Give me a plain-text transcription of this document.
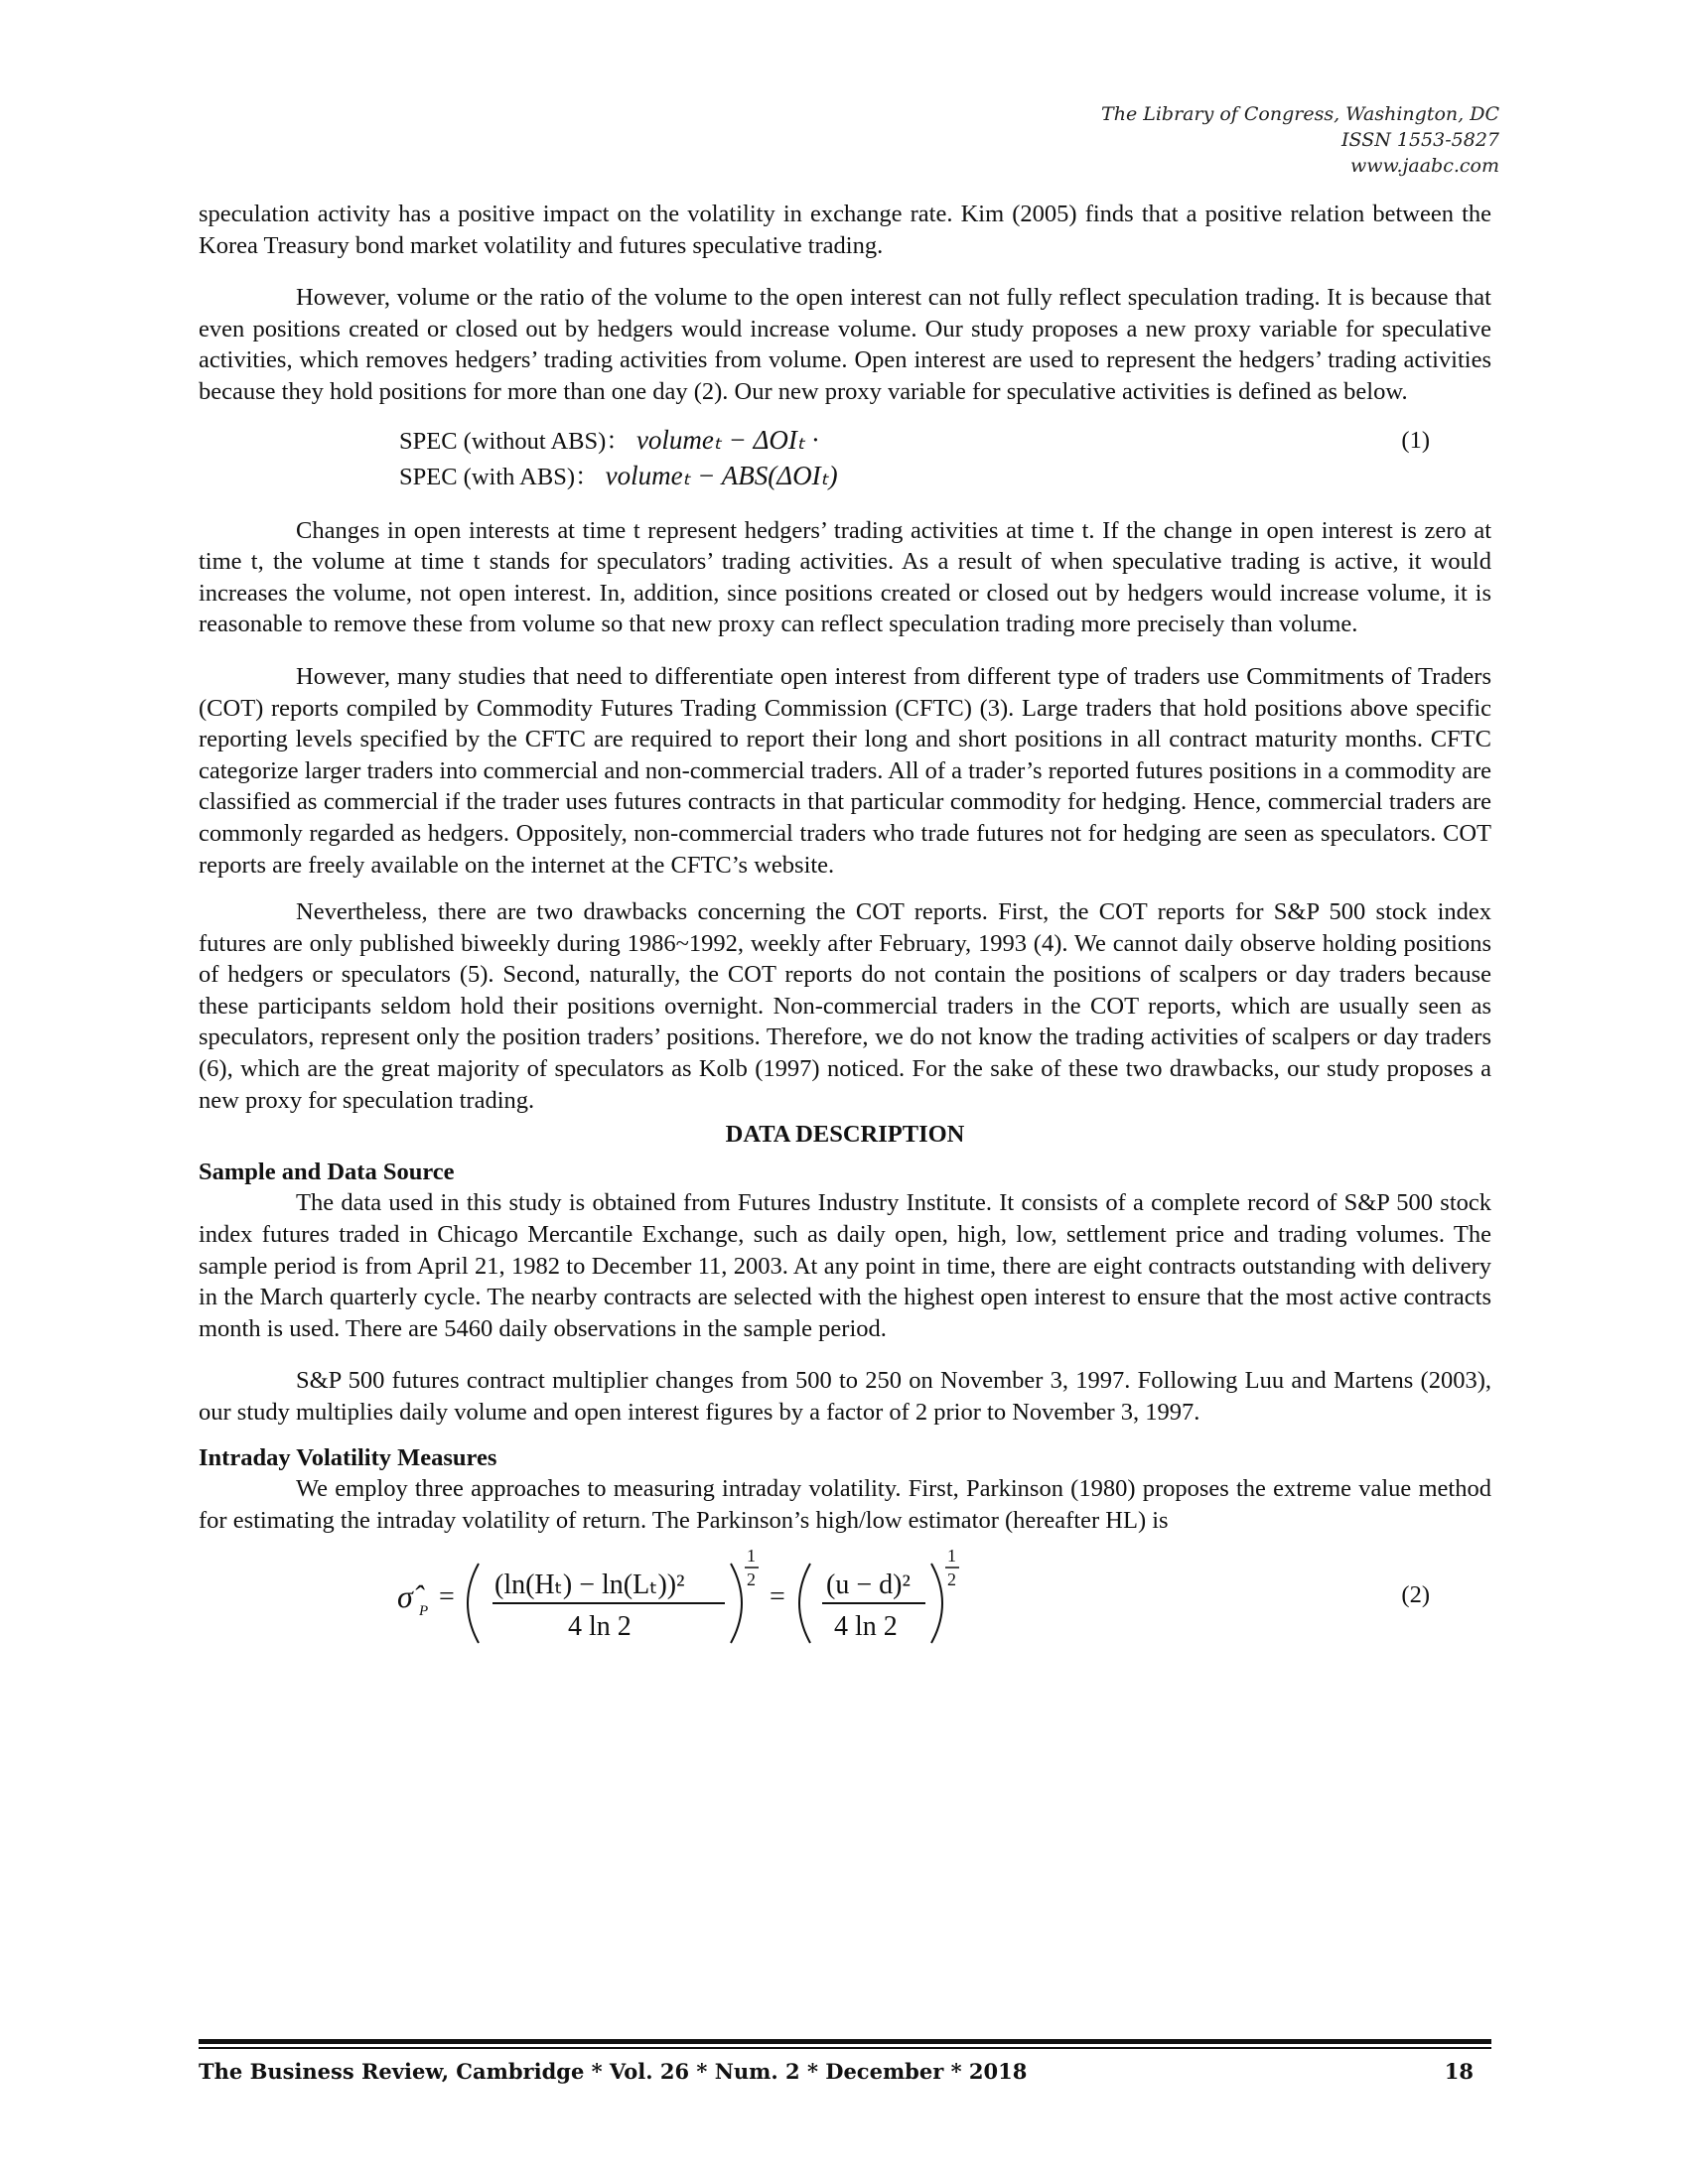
The Library of Congress, Washington, DC
ISSN 1553-5827
www.jaabc.com

speculation activity has a positive impact on the volatility in exchange rate. Kim (2005) finds that a positive relation between the Korea Treasury bond market volatility and futures speculative trading.

However, volume or the ratio of the volume to the open interest can not fully reflect speculation trading. It is because that even positions created or closed out by hedgers would increase volume. Our study proposes a new proxy variable for speculative activities, which removes hedgers’ trading activities from volume. Open interest are used to represent the hedgers’ trading activities because they hold positions for more than one day (2). Our new proxy variable for speculative activities is defined as below.

SPEC (without ABS)： volumeₜ − ΔOIₜ ·
SPEC (with ABS)： volumeₜ − ABS(ΔOIₜ)
(1)

Changes in open interests at time t represent hedgers’ trading activities at time t. If the change in open interest is zero at time t, the volume at time t stands for speculators’ trading activities. As a result of when speculative trading is active, it would increases the volume, not open interest. In, addition, since positions created or closed out by hedgers would increase volume, it is reasonable to remove these from volume so that new proxy can reflect speculation trading more precisely than volume.

However, many studies that need to differentiate open interest from different type of traders use Commitments of Traders (COT) reports compiled by Commodity Futures Trading Commission (CFTC) (3). Large traders that hold positions above specific reporting levels specified by the CFTC are required to report their long and short positions in all contract maturity months. CFTC categorize larger traders into commercial and non-commercial traders. All of a trader’s reported futures positions in a commodity are classified as commercial if the trader uses futures contracts in that particular commodity for hedging. Hence, commercial traders are commonly regarded as hedgers. Oppositely, non-commercial traders who trade futures not for hedging are seen as speculators. COT reports are freely available on the internet at the CFTC’s website.

Nevertheless, there are two drawbacks concerning the COT reports. First, the COT reports for S&P 500 stock index futures are only published biweekly during 1986~1992, weekly after February, 1993 (4). We cannot daily observe holding positions of hedgers or speculators (5). Second, naturally, the COT reports do not contain the positions of scalpers or day traders because these participants seldom hold their positions overnight. Non-commercial traders in the COT reports, which are usually seen as speculators, represent only the position traders’ positions. Therefore, we do not know the trading activities of scalpers or day traders (6), which are the great majority of speculators as Kolb (1997) noticed. For the sake of these two drawbacks, our study proposes a new proxy for speculation trading.

DATA DESCRIPTION
Sample and Data Source

The data used in this study is obtained from Futures Industry Institute. It consists of a complete record of S&P 500 stock index futures traded in Chicago Mercantile Exchange, such as daily open, high, low, settlement price and trading volumes. The sample period is from April 21, 1982 to December 11, 2003. At any point in time, there are eight contracts outstanding with delivery in the March quarterly cycle. The nearby contracts are selected with the highest open interest to ensure that the most active contracts month is used. There are 5460 daily observations in the sample period.

S&P 500 futures contract multiplier changes from 500 to 250 on November 3, 1997. Following Luu and Martens (2003), our study multiplies daily volume and open interest figures by a factor of 2 prior to November 3, 1997.

Intraday Volatility Measures

We employ three approaches to measuring intraday volatility. First, Parkinson (1980) proposes the extreme value method for estimating the intraday volatility of return. The Parkinson’s high/low estimator (hereafter HL) is

σ̂ P = (ln(Hₜ) − ln(Lₜ))²
4 ln 2
1
2
= (u − d)²
4 ln 2
1
2
(2)
The Business Review, Cambridge * Vol. 26 * Num. 2 * December * 2018	18
